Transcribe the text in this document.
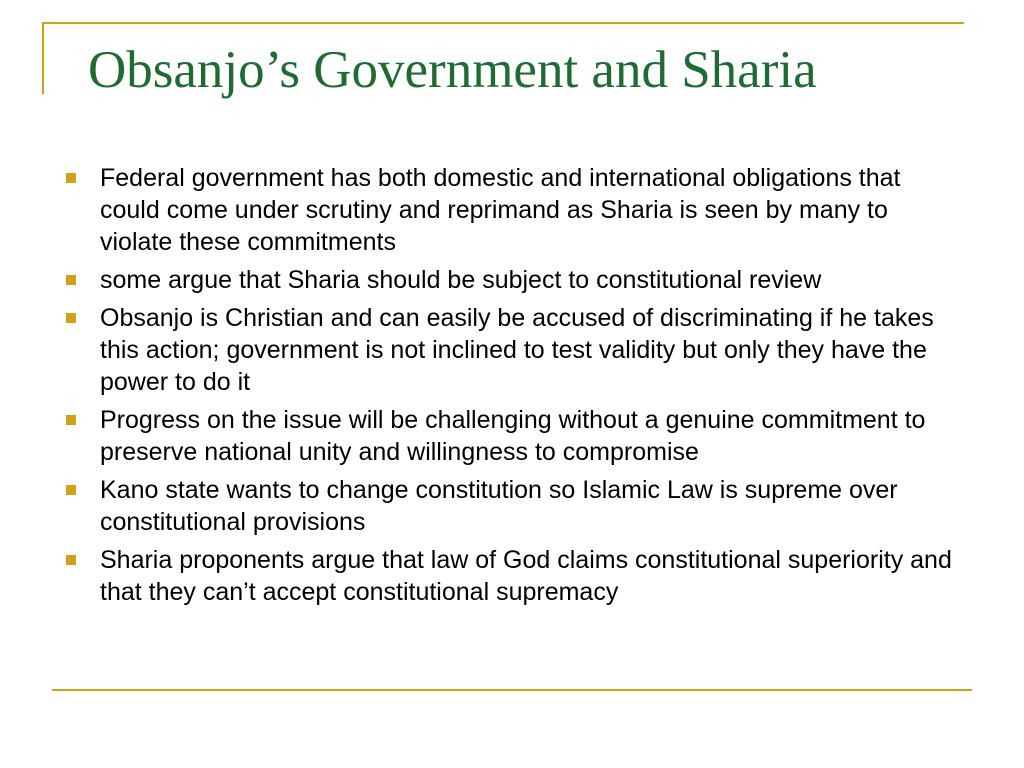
Obsanjo’s Government and Sharia
Federal government has both domestic and international obligations that could come under scrutiny and reprimand as Sharia is seen by many to violate these commitments
some argue that Sharia should be subject to constitutional review
Obsanjo is Christian and can easily be accused of discriminating if he takes this action; government is not inclined to test validity but only they have the power to do it
Progress on the issue will be challenging without a genuine commitment to preserve national unity and willingness to compromise
Kano state wants to change constitution so Islamic Law is supreme over constitutional provisions
Sharia proponents argue that law of God claims constitutional superiority and that they can’t accept constitutional supremacy
